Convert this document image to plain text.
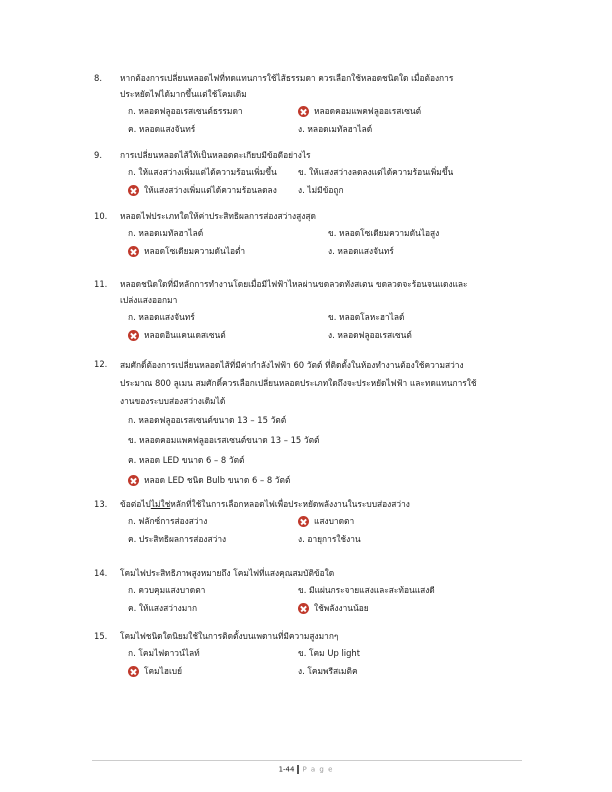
8.	หากต้องการเปลี่ยนหลอดไฟที่ทดแทนการใช้ไส้ธรรมดา ควรเลือกใช้หลอดชนิดใด เมื่อต้องการ
ประหยัดไฟได้มากขึ้นแต่ใช้โคมเดิม
ก. หลอดฟลูออเรสเซนต์ธรรมดา	หลอดคอมแพคฟลูออเรสเซนต์
ค. หลอดแสงจันทร์	ง. หลอดเมทัลฮาไลด์
9.	การเปลี่ยนหลอดไส้ให้เป็นหลอดตะเกียบมีข้อดีอย่างไร
ก. ให้แสงสว่างเพิ่มแต่ได้ความร้อนเพิ่มขึ้น	ข. ให้แสงสว่างลดลงแต่ได้ความร้อนเพิ่มขึ้น
ให้แสงสว่างเพิ่มแต่ได้ความร้อนลดลง	ง. ไม่มีข้อถูก
10.	หลอดไฟประเภทใดให้ค่าประสิทธิผลการส่องสว่างสูงสุด
ก. หลอดเมทัลฮาไลด์	ข. หลอดโซเดียมความดันไอสูง
หลอดโซเดียมความดันไอต่ำ	ง. หลอดแสงจันทร์
11.	หลอดชนิดใดที่มีหลักการทำงานโดยเมื่อมีไฟฟ้าไหลผ่านขดลวดทังสเตน ขดลวดจะร้อนจนแดงและ
เปล่งแสงออกมา
ก. หลอดแสงจันทร์	ข. หลอดโลหะฮาไลด์
หลอดอินแคนเดสเซนต์	ง. หลอดฟลูออเรสเซนต์
12.	สมศักดิ์ต้องการเปลี่ยนหลอดไส้ที่มีค่ากำลังไฟฟ้า 60 วัตต์ ที่ติดตั้งในห้องทำงานต้องใช้ความสว่าง
ประมาณ 800 ลูเมน สมศักดิ์ควรเลือกเปลี่ยนหลอดประเภทใดถึงจะประหยัดไฟฟ้า และทดแทนการใช้
งานของระบบส่องสว่างเดิมได้
ก. หลอดฟลูออเรสเซนต์ขนาด 13 – 15 วัตต์
ข. หลอดคอมแพคฟลูออเรสเซนต์ขนาด 13 – 15 วัตต์
ค. หลอด LED ขนาด 6 – 8 วัตต์
หลอด LED ชนิด Bulb ขนาด 6 – 8 วัตต์
13.	ข้อต่อไปไม่ใช่หลักที่ใช้ในการเลือกหลอดไฟเพื่อประหยัดพลังงานในระบบส่องสว่าง
ก. ฟลักซ์การส่องสว่าง	แสงบาดตา
ค. ประสิทธิผลการส่องสว่าง	ง. อายุการใช้งาน
14.	โคมไฟประสิทธิภาพสูงหมายถึง โคมไฟที่แสงคุณสมบัติข้อใด
ก. ควบคุมแสงบาดตา	ข. มีแผ่นกระจายแสงและสะท้อนแสงดี
ค. ให้แสงสว่างมาก	ใช้พลังงานน้อย
15.	โคมไฟชนิดใดนิยมใช้ในการติดตั้งบนเพดานที่มีความสูงมากๆ
ก. โคมไฟดาวน์ไลท์	ข. โคม Up light
โคมไฮเบย์	ง. โคมพรีสเมติค
1-44 P a g e
